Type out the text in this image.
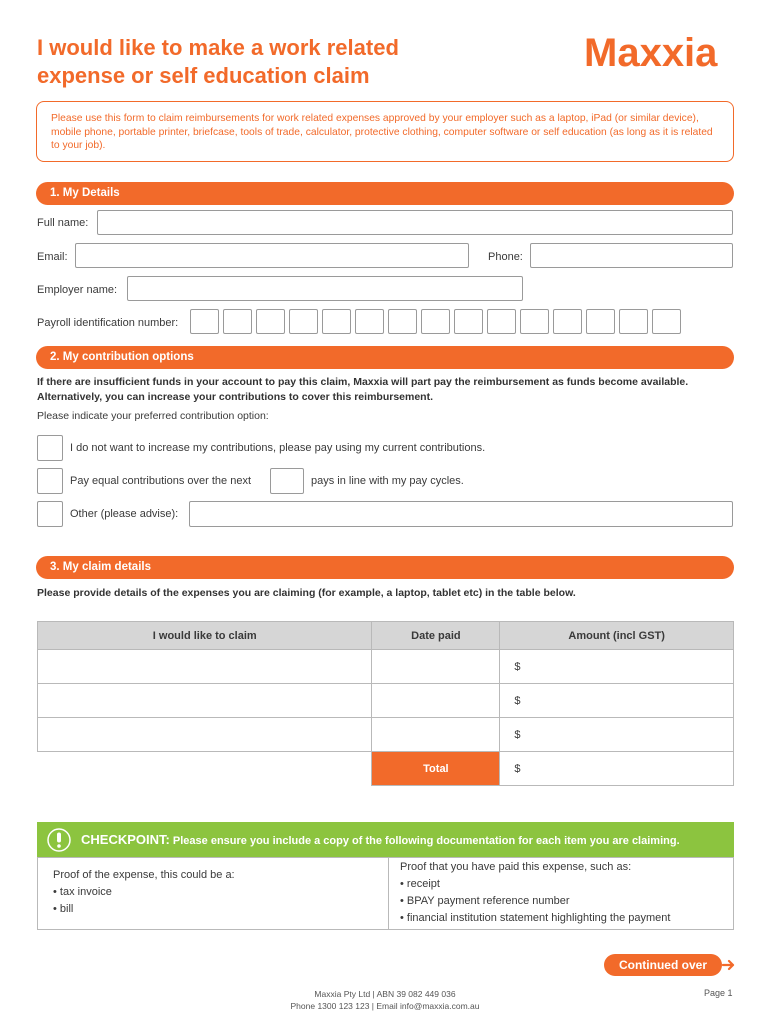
I would like to make a work related
expense or self education claim
Maxxia
Please use this form to claim reimbursements for work related expenses approved by your employer such as a laptop, iPad (or similar device), mobile phone, portable printer, briefcase, tools of trade, calculator, protective clothing, computer software or self education (as long as it is related to your job).
1. My Details
Full name:
Email:	Phone:
Employer name:
Payroll identification number:
2. My contribution options
If there are insufficient funds in your account to pay this claim, Maxxia will part pay the reimbursement as funds become available. Alternatively, you can increase your contributions to cover this reimbursement.
Please indicate your preferred contribution option:
I do not want to increase my contributions, please pay using my current contributions.
Pay equal contributions over the next	pays in line with my pay cycles.
Other (please advise):
3. My claim details
Please provide details of the expenses you are claiming (for example, a laptop, tablet etc) in the table below.
I would like to claim	Date paid	Amount (incl GST)
		$
		$
		$
	Total	$
CHECKPOINT: Please ensure you include a copy of the following documentation for each item you are claiming.
Proof of the expense, this could be a:
• tax invoice
• bill
Proof that you have paid this expense, such as:
• receipt
• BPAY payment reference number
• financial institution statement highlighting the payment
Continued over
Maxxia Pty Ltd | ABN 39 082 449 036
Phone 1300 123 123 | Email info@maxxia.com.au
Page 1
